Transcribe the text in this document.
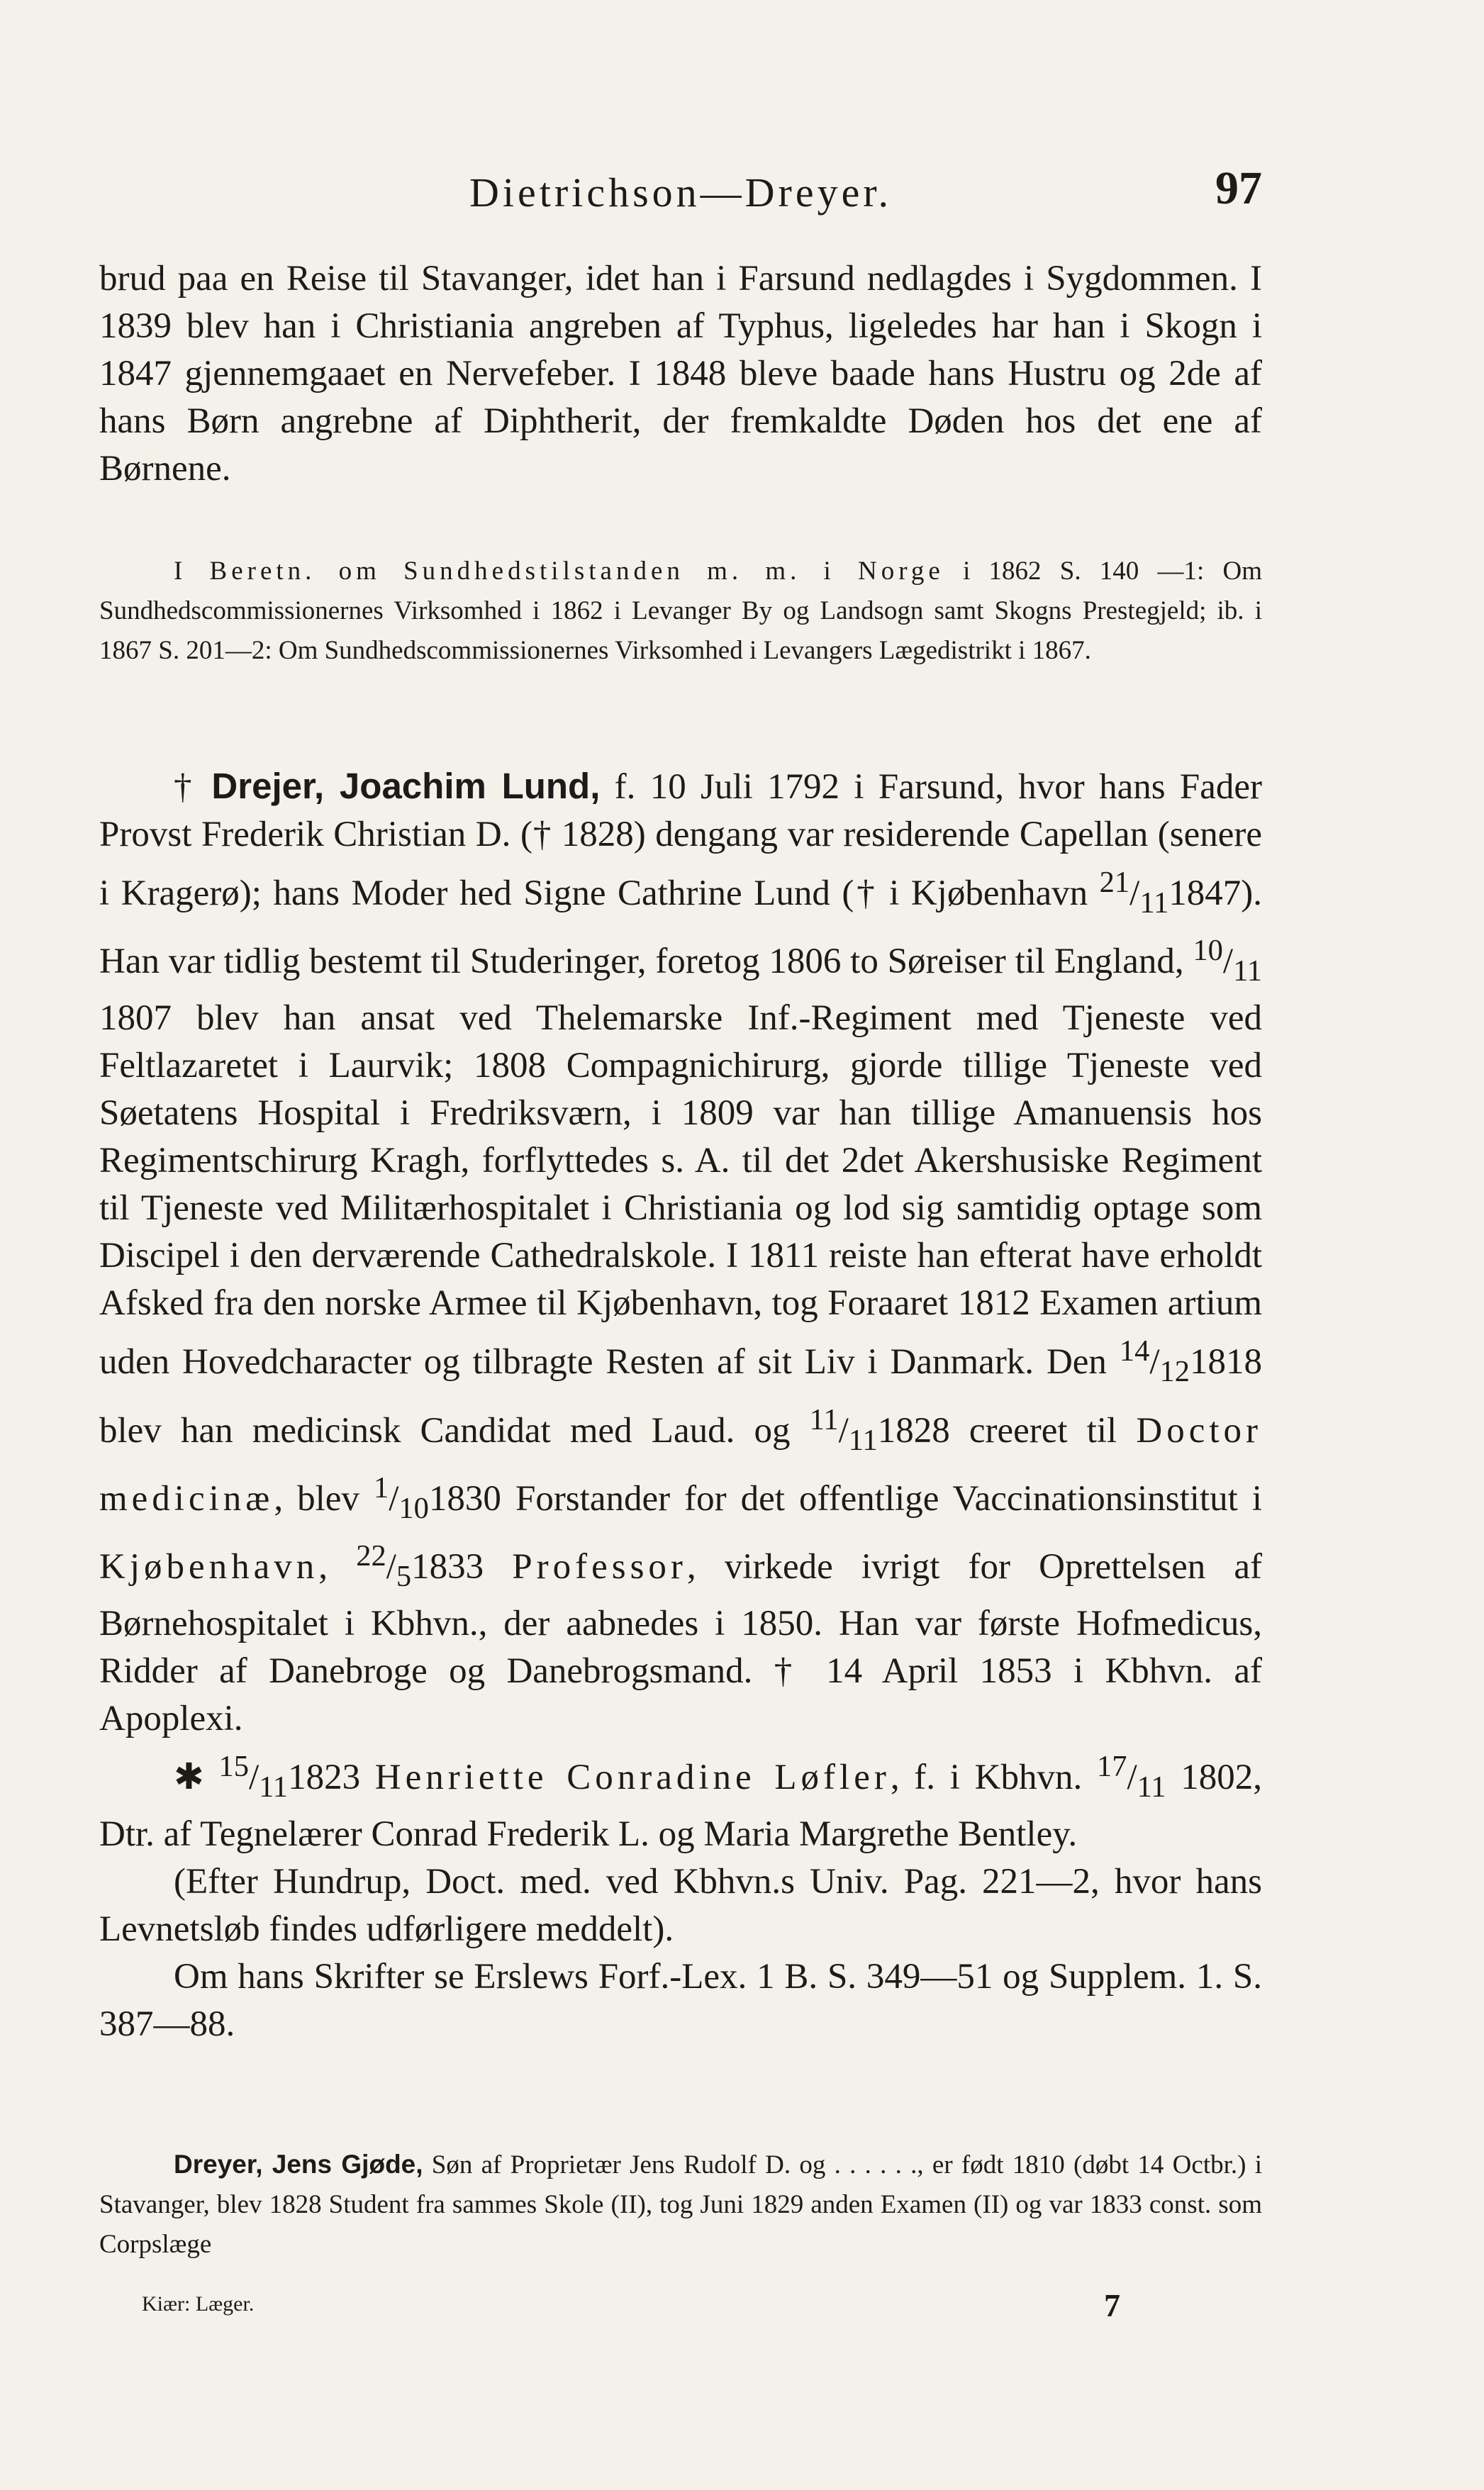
Dietrichson—Dreyer.	97

brud paa en Reise til Stavanger, idet han i Farsund nedlagdes i Sygdommen. I 1839 blev han i Christiania angreben af Typhus, ligeledes har han i Skogn i 1847 gjennemgaaet en Nervefeber. I 1848 bleve baade hans Hustru og 2de af hans Børn angrebne af Diphtherit, der fremkaldte Døden hos det ene af Børnene.

I Beretn. om Sundhedstilstanden m. m. i Norge i 1862 S. 140 —1: Om Sundhedscommissionernes Virksomhed i 1862 i Levanger By og Landsogn samt Skogns Prestegjeld; ib. i 1867 S. 201—2: Om Sundhedscommissionernes Virksomhed i Levangers Lægedistrikt i 1867.

† Drejer, Joachim Lund, f. 10 Juli 1792 i Farsund, hvor hans Fader Provst Frederik Christian D. († 1828) dengang var residerende Capellan (senere i Kragerø); hans Moder hed Signe Cathrine Lund († i Kjøbenhavn $^{21}/_{11}1847$). Han var tidlig bestemt til Studeringer, foretog 1806 to Søreiser til England, $^{10}/_{11}$ 1807 blev han ansat ved Thelemarske Inf.-Regiment med Tjeneste ved Feltlazaretet i Laurvik; 1808 Compagnichirurg, gjorde tillige Tjeneste ved Søetatens Hospital i Fredriksværn, i 1809 var han tillige Amanuensis hos Regimentschirurg Kragh, forflyttedes s. A. til det 2det Akershusiske Regiment til Tjeneste ved Militærhospitalet i Christiania og lod sig samtidig optage som Discipel i den derværende Cathedralskole. I 1811 reiste han efterat have erholdt Afsked fra den norske Armee til Kjøbenhavn, tog Foraaret 1812 Examen artium uden Hovedcharacter og tilbragte Resten af sit Liv i Danmark. Den $^{14}/_{12}1818$ blev han medicinsk Candidat med Laud. og $^{11}/_{11}1828$ creeret til Doctor medicinæ, blev $^1/_{10}1830$ Forstander for det offentlige Vaccinationsinstitut i Kjøbenhavn, $^{22}/_51833$ Professor, virkede ivrigt for Oprettelsen af Børnehospitalet i Kbhvn., der aabnedes i 1850. Han var første Hofmedicus, Ridder af Danebroge og Danebrogsmand. † 14 April 1853 i Kbhvn. af Apoplexi.

✱ $^{15}/_{11}1823$ Henriette Conradine Løfler, f. i Kbhvn. $^{17}/_{11}$ 1802, Dtr. af Tegnelærer Conrad Frederik L. og Maria Margrethe Bentley.

(Efter Hundrup, Doct. med. ved Kbhvn.s Univ. Pag. 221—2, hvor hans Levnetsløb findes udførligere meddelt).

Om hans Skrifter se Erslews Forf.-Lex. 1 B. S. 349—51 og Supplem. 1. S. 387—88.

Dreyer, Jens Gjøde, Søn af Proprietær Jens Rudolf D. og . . . . . ., er født 1810 (døbt 14 Octbr.) i Stavanger, blev 1828 Student fra sammes Skole (II), tog Juni 1829 anden Examen (II) og var 1833 const. som Corpslæge

Kiær: Læger.	7
